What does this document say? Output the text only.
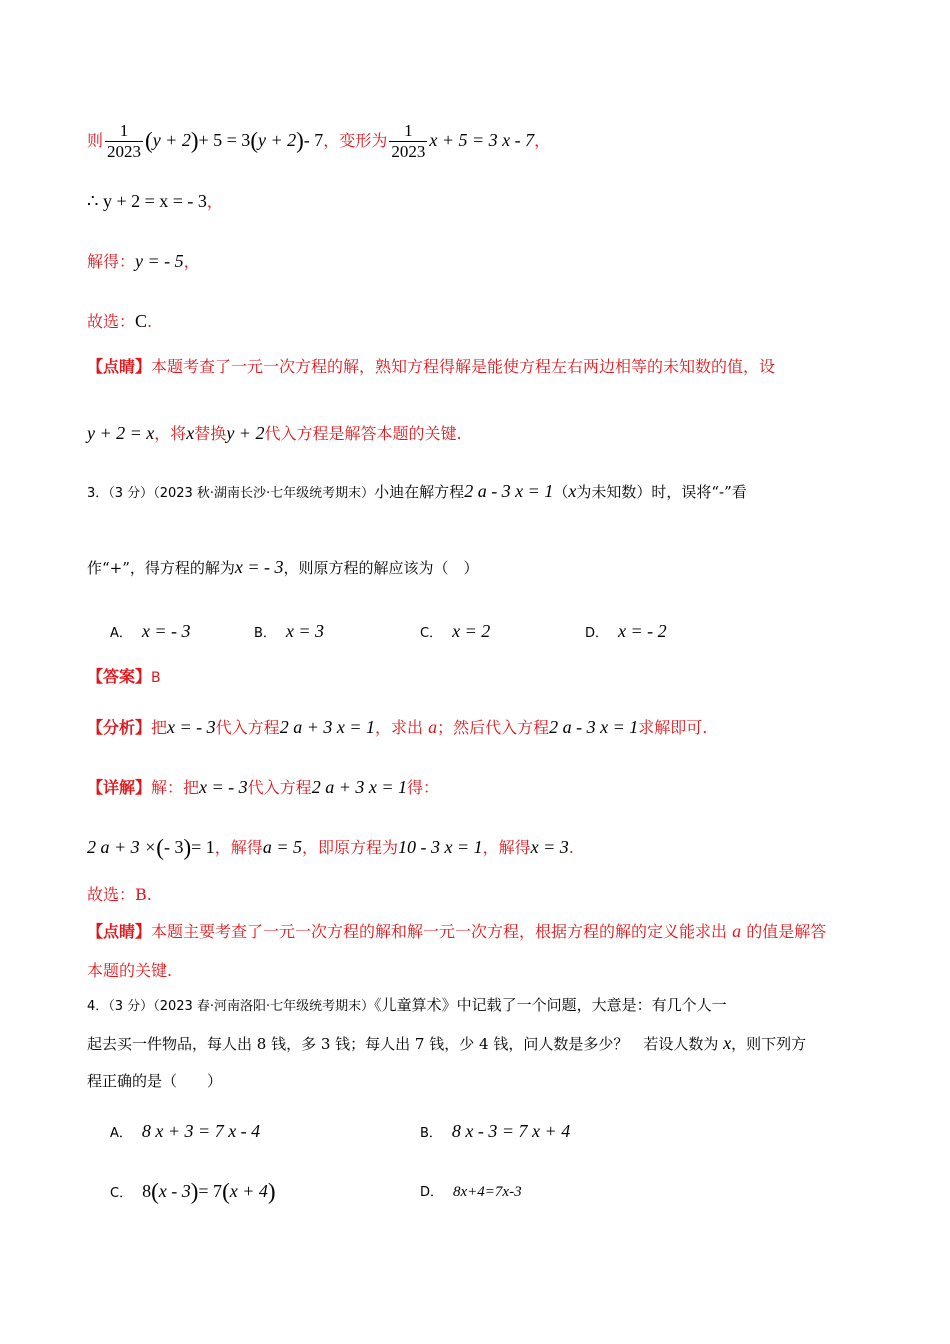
则 $\frac{1}{2023} (y + 2)+ 5 = 3(y + 2)-$ 7，变形为 $\frac{1}{2023}$ x + 5 = 3 x - 7，
∴ y + 2 = x = - 3，
解得：y = - 5，
故选：C.
【点睛】本题考查了一元一次方程的解，熟知方程得解是能使方程左右两边相等的未知数的值，设
y + 2 = x，将x替换y + 2代入方程是解答本题的关键.
3．（3 分）（2023 秋·湖南长沙·七年级统考期末）小迪在解方程2 a - 3 x = 1（x为未知数）时，误将“-”看
作“+”，得方程的解为x = - 3，则原方程的解应该为（　）
A． x = - 3	B． x = 3	C． x = 2	D． x = - 2
【答案】B
【分析】把x = - 3代入方程2 a + 3 x = 1，求出 a；然后代入方程2 a - 3 x = 1求解即可.
【详解】解：把x = - 3代入方程2 a + 3 x = 1得：
2 a + 3 ×(- 3)= 1，解得a = 5，即原方程为10 - 3 x = 1，解得x = 3.
故选：B.
【点睛】本题主要考查了一元一次方程的解和解一元一次方程，根据方程的解的定义能求出 a 的值是解答
本题的关键.
4．（3 分）（2023 春·河南洛阳·七年级统考期末）《儿童算术》中记载了一个问题，大意是：有几个人一
起去买一件物品，每人出 8 钱，多 3 钱；每人出 7 钱，少 4 钱，问人数是多少？　若设人数为 x，则下列方
程正确的是（　　）
A． 8 x + 3 = 7 x - 4	B． 8 x - 3 = 7 x + 4
C． 8(x - 3)= 7(x + 4)	D． 8x+4=7x-3
